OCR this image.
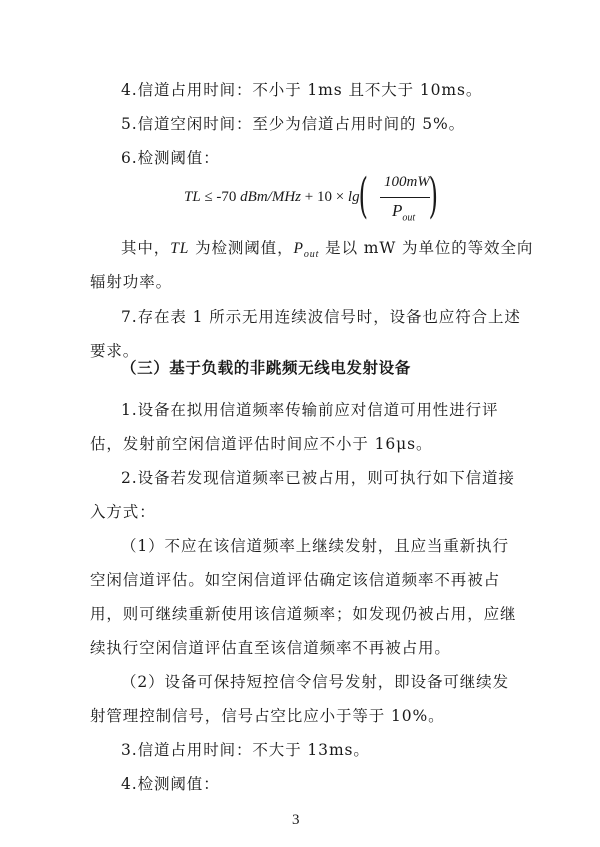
4.信道占用时间：不小于 1ms 且不大于 10ms。
5.信道空闲时间：至少为信道占用时间的 5%。
6.检测阈值：
TL ≤ -70 dBm/MHz + 10 × lg ( 100mW
$P_{out}$ )
其中，TL 为检测阈值，$P_{out}$ 是以 mW 为单位的等效全向
辐射功率。
7.存在表 1 所示无用连续波信号时，设备也应符合上述
要求。
（三）基于负载的非跳频无线电发射设备
1.设备在拟用信道频率传输前应对信道可用性进行评
估，发射前空闲信道评估时间应不小于 16μs。
2.设备若发现信道频率已被占用，则可执行如下信道接
入方式：
（1）不应在该信道频率上继续发射，且应当重新执行
空闲信道评估。如空闲信道评估确定该信道频率不再被占
用，则可继续重新使用该信道频率；如发现仍被占用，应继
续执行空闲信道评估直至该信道频率不再被占用。
（2）设备可保持短控信令信号发射，即设备可继续发
射管理控制信号，信号占空比应小于等于 10%。
3.信道占用时间：不大于 13ms。
4.检测阈值：
3
